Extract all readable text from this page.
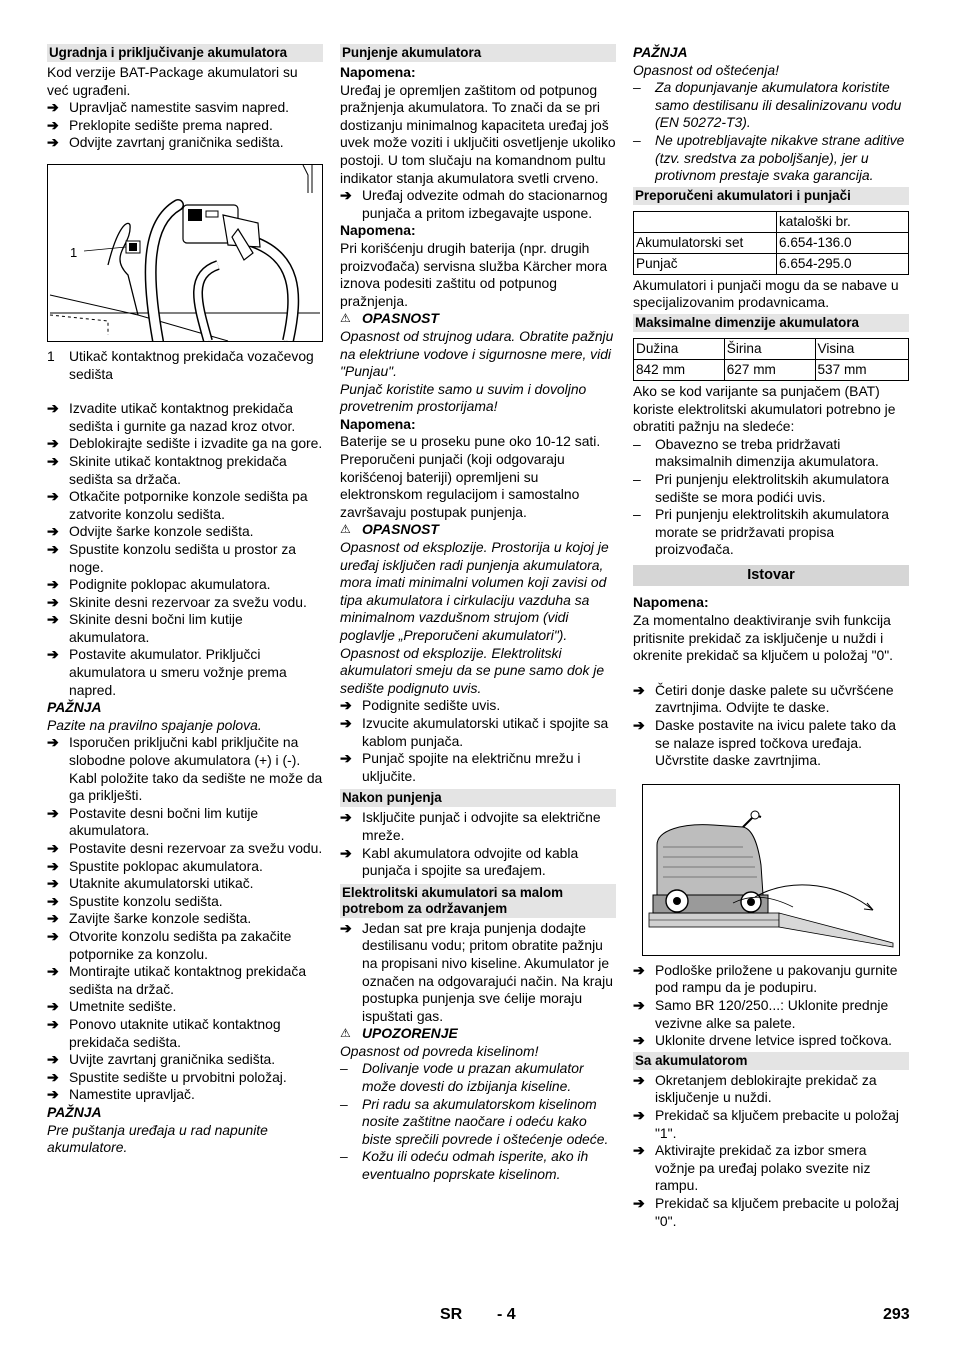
Ugradnja i priključivanje akumulatora

Kod verzije BAT-Package akumulatori su već ugrađeni.

➔ Upravljač namestite sasvim napred.
➔ Preklopite sedište prema napred.
➔ Odvijte zavrtanj graničnika sedišta.
1
1	Utikač kontaktnog prekidača vozačevog sedišta
➔ Izvadite utikač kontaktnog prekidača sedišta i gurnite ga nazad kroz otvor.
➔ Deblokirajte sedište i izvadite ga na gore.
➔ Skinite utikač kontaktnog prekidača sedišta sa držača.
➔ Otkačite potpornike konzole sedišta pa zatvorite konzolu sedišta.
➔ Odvijte šarke konzole sedišta.
➔ Spustite konzolu sedišta u prostor za noge.
➔ Podignite poklopac akumulatora.
➔ Skinite desni rezervoar za svežu vodu.
➔ Skinite desni bočni lim kutije akumulatora.
➔ Postavite akumulator. Priključci akumulatora u smeru vožnje prema napred.
PAŽNJA
Pazite na pravilno spajanje polova.
➔ Isporučen priključni kabl priključite na slobodne polove akumulatora (+) i (-). Kabl položite tako da sedište ne može da ga priklješti.
➔ Postavite desni bočni lim kutije akumulatora.
➔ Postavite desni rezervoar za svežu vodu.
➔ Spustite poklopac akumulatora.
➔ Utaknite akumulatorski utikač.
➔ Spustite konzolu sedišta.
➔ Zavijte šarke konzole sedišta.
➔ Otvorite konzolu sedišta pa zakačite potpornike za konzolu.
➔ Montirajte utikač kontaktnog prekidača sedišta na držač.
➔ Umetnite sedište.
➔ Ponovo utaknite utikač kontaktnog prekidača sedišta.
➔ Uvijte zavrtanj graničnika sedišta.
➔ Spustite sedište u prvobitni položaj.
➔ Namestite upravljač.
PAŽNJA
Pre puštanja uređaja u rad napunite akumulatore.
Punjenje akumulatora
Napomena:

Uređaj je opremljen zaštitom od potpunog pražnjenja akumulatora. To znači da se pri dostizanju minimalnog kapaciteta uređaj još uvek može voziti i uključiti osvetljenje ukoliko postoji. U tom slučaju na komandnom pultu indikator stanja akumulatora svetli crveno.

➔ Uređaj odvezite odmah do stacionarnog punjača a pritom izbegavajte uspone.
Napomena:

Pri korišćenju drugih baterija (npr. drugih proizvođača) servisna služba Kärcher mora iznova podesiti zaštitu od potpunog pražnjenja.

⚠ OPASNOST

Opasnost od strujnog udara. Obratite pažnju na elektriune vodove i sigurnosne mere, vidi "Punjau".
Punjač koristite samo u suvim i dovoljno provetrenim prostorijama!

Napomena:

Baterije se u proseku pune oko 10-12 sati. Preporučeni punjači (koji odgovaraju korišćenoj bateriji) opremljeni su elektronskom regulacijom i samostalno završavaju postupak punjenja.

⚠ OPASNOST

Opasnost od eksplozije. Prostorija u kojoj je uređaj isključen radi punjenja akumulatora, mora imati minimalni volumen koji zavisi od tipa akumulatora i cirkulaciju vazduha sa minimalnom vazdušnom strujom (vidi poglavlje „Preporučeni akumulatori").
Opasnost od eksplozije. Elektrolitski akumulatori smeju da se pune samo dok je sedište podignuto uvis.

➔ Podignite sedište uvis.
➔ Izvucite akumulatorski utikač i spojite sa kablom punjača.
➔ Punjač spojite na električnu mrežu i uključite.
Nakon punjenja
➔ Isključite punjač i odvojite sa električne mreže.
➔ Kabl akumulatora odvojite od kabla punjača i spojite sa uređajem.
Elektrolitski akumulatori sa malom potrebom za održavanjem
➔ Jedan sat pre kraja punjenja dodajte destilisanu vodu; pritom obratite pažnju na propisani nivo kiseline. Akumulator je označen na odgovarajući način. Na kraju postupka punjenja sve ćelije moraju ispuštati gas.
⚠ UPOZORENJE
Opasnost od povreda kiselinom!
–	Dolivanje vode u prazan akumulator može dovesti do izbijanja kiseline.
–	Pri radu sa akumulatorskom kiselinom nosite zaštitne naočare i odeću kako biste sprečili povrede i oštećenje odeće.
–	Kožu ili odeću odmah isperite, ako ih eventualno poprskate kiselinom.
PAŽNJA
Opasnost od oštećenja!
–	Za dopunjavanje akumulatora koristite samo destilisanu ili desalinizovanu vodu (EN 50272-T3).
–	Ne upotrebljavajte nikakve strane aditive (tzv. sredstva za poboljšanje), jer u protivnom prestaje svaka garancija.
Preporučeni akumulatori i punjači
	kataloški br.
Akumulatorski set	6.654-136.0
Punjač	6.654-295.0

Akumulatori i punjači mogu da se nabave u specijalizovanim prodavnicama.

Maksimalne dimenzije akumulatora
Dužina	Širina	Visina
842 mm	627 mm	537 mm

Ako se kod varijante sa punjačem (BAT) koriste elektrolitski akumulatori potrebno je obratiti pažnju na sledeće:

–	Obavezno se treba pridržavati maksimalnih dimenzija akumulatora.
–	Pri punjenju elektrolitskih akumulatora sedište se mora podići uvis.
–	Pri punjenju elektrolitskih akumulatora morate se pridržavati propisa proizvođača.
Istovar
Napomena:

Za momentalno deaktiviranje svih funkcija pritisnite prekidač za isključenje u nuždi i okrenite prekidač sa ključem u položaj "0".

➔ Četiri donje daske palete su učvršćene zavrtnjima. Odvijte te daske.
➔ Daske postavite na ivicu palete tako da se nalaze ispred točkova uređaja. Učvrstite daske zavrtnjima.
➔ Podloške priložene u pakovanju gurnite pod rampu da je podupiru.
➔ Samo BR 120/250...: Uklonite prednje vezivne alke sa palete.
➔ Uklonite drvene letvice ispred točkova.
Sa akumulatorom
➔ Okretanjem deblokirajte prekidač za isključenje u nuždi.
➔ Prekidač sa ključem prebacite u položaj "1".
➔ Aktivirajte prekidač za izbor smera vožnje pa uređaj polako svezite niz rampu.
➔ Prekidač sa ključem prebacite u položaj "0".
SR - 4	293
